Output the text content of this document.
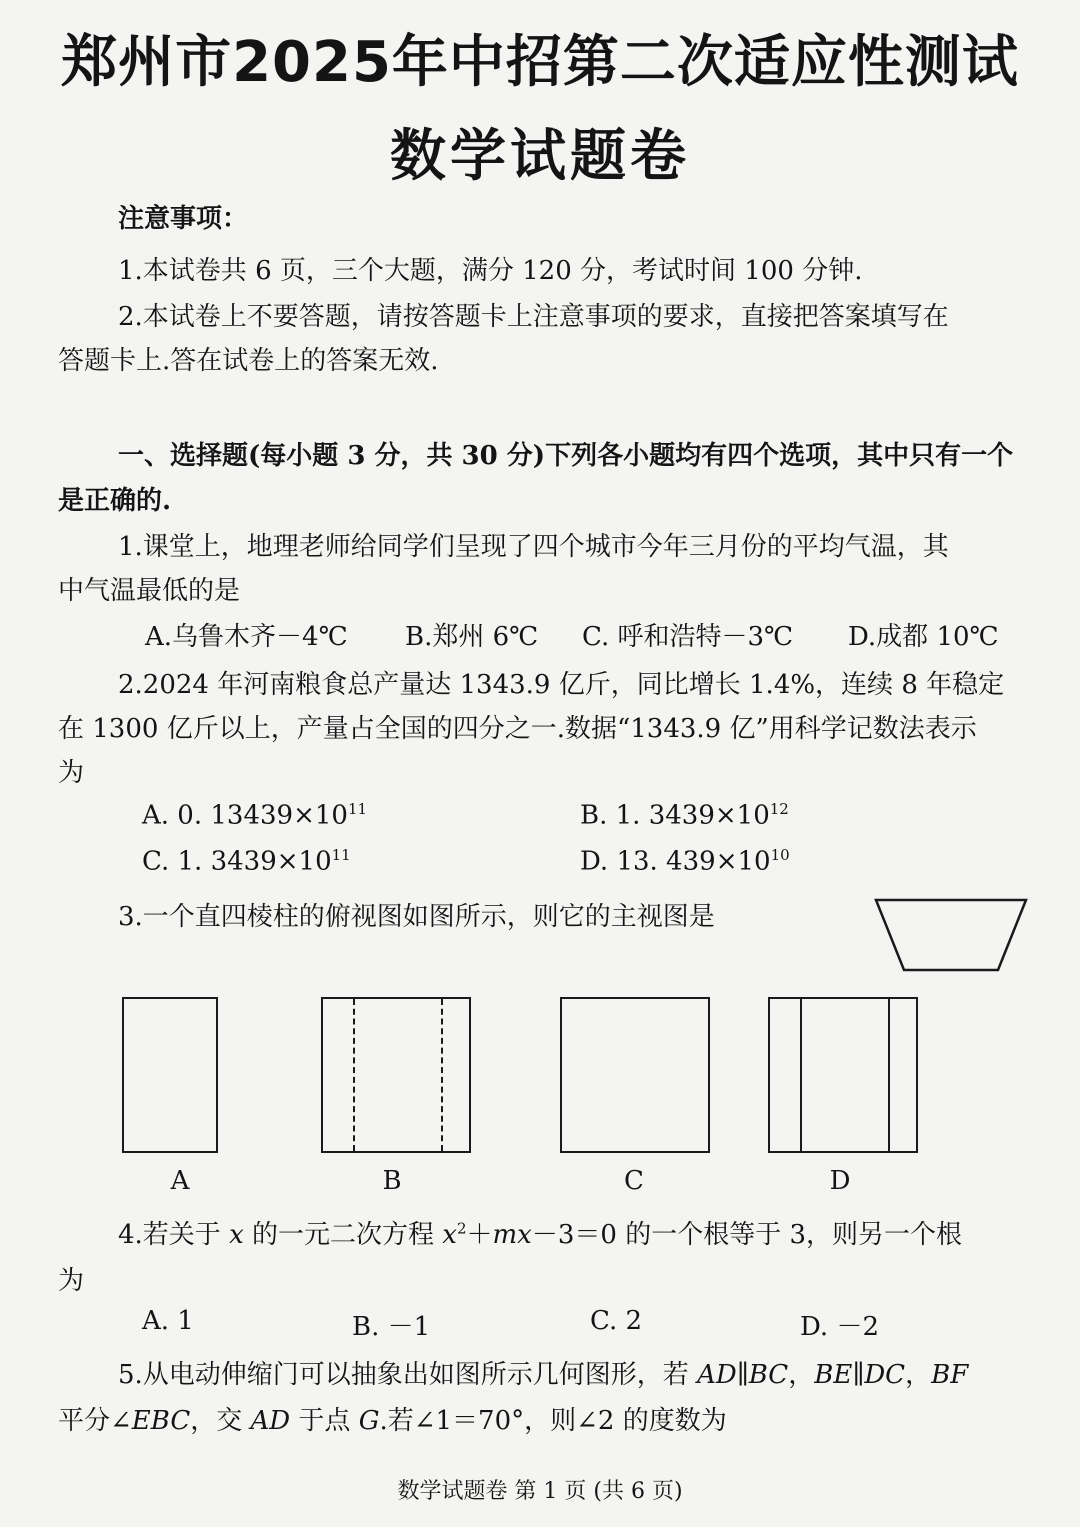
郑州市2025年中招第二次适应性测试
数学试题卷
注意事项：
1.本试卷共 6 页，三个大题，满分 120 分，考试时间 100 分钟.
2.本试卷上不要答题，请按答题卡上注意事项的要求，直接把答案填写在
答题卡上.答在试卷上的答案无效.
一、选择题(每小题 3 分，共 30 分)下列各小题均有四个选项，其中只有一个
是正确的.
1.课堂上，地理老师给同学们呈现了四个城市今年三月份的平均气温，其
中气温最低的是
A.乌鲁木齐－4℃ B.郑州 6℃ C. 呼和浩特－3℃ D.成都 10℃
2.2024 年河南粮食总产量达 1343.9 亿斤，同比增长 1.4%，连续 8 年稳定
在 1300 亿斤以上，产量占全国的四分之一.数据“1343.9 亿”用科学记数法表示
为
A. 0. $13439\times 10^{11}$	B. 1. $3439\times 10^{12}$
C. 1. $3439\times 10^{11}$	D. 13. $439\times 10^{10}$
3.一个直四棱柱的俯视图如图所示，则它的主视图是
A	B	C	D
4.若关于 x 的一元二次方程 $x^2+mx-3=0$ 的一个根等于 3，则另一个根
为
A. 1	B. －1	C. 2	D. －2
5.从电动伸缩门可以抽象出如图所示几何图形，若 AD∥BC，BE∥DC，BF
平分∠EBC，交 AD 于点 G.若∠1＝70°，则∠2 的度数为
数学试题卷 第 1 页 (共 6 页)
